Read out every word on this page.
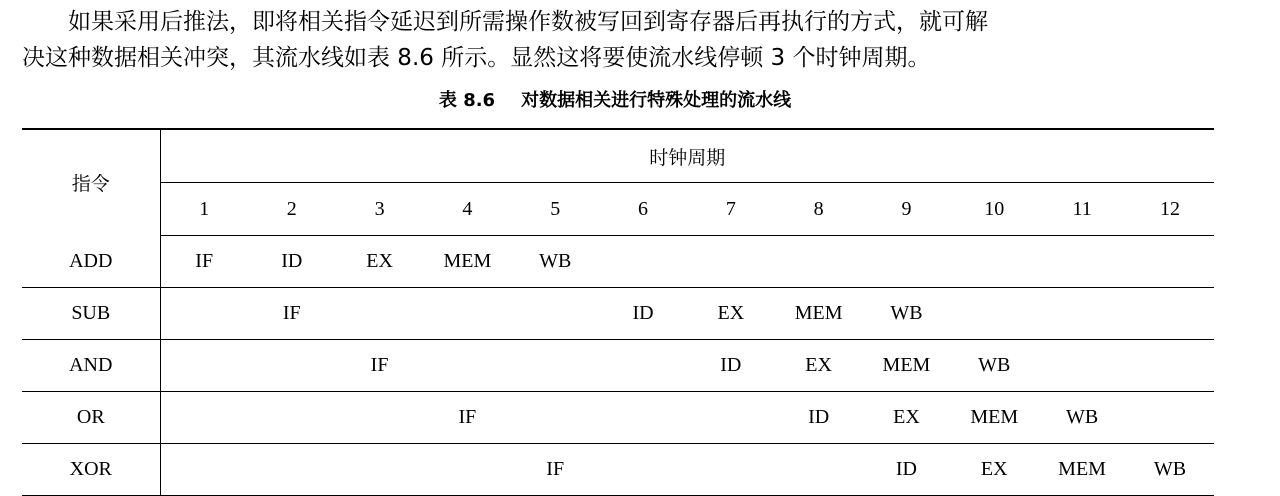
如果采用后推法，即将相关指令延迟到所需操作数被写回到寄存器后再执行的方式，就可解
决这种数据相关冲突，其流水线如表 8.6 所示。显然这将要使流水线停顿 3 个时钟周期。
表 8.6 对数据相关进行特殊处理的流水线
指令	时钟周期											
	1	2	3	4	5	6	7	8	9	10	11	12
ADD	IF	ID	EX	MEM	WB							
SUB		IF				ID	EX	MEM	WB			
AND			IF				ID	EX	MEM	WB		
OR				IF				ID	EX	MEM	WB	
XOR					IF				ID	EX	MEM	WB
